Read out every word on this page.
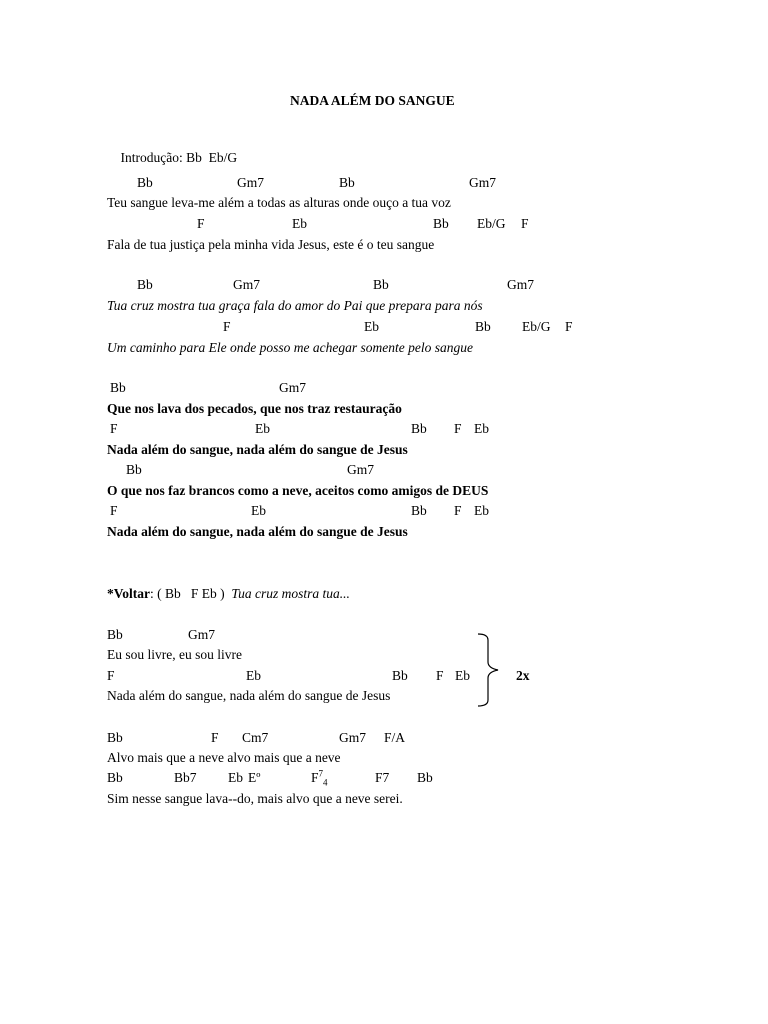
NADA ALÉM DO SANGUE

Introdução: Bb  Eb/G

Bb	Gm7	Bb	Gm7
Teu sangue leva-me além a todas as alturas onde ouço a tua voz
F	Eb	Bb Eb/G F
Fala de tua justiça pela minha vida Jesus, este é o teu sangue
Bb	Gm7	Bb	Gm7
Tua cruz mostra tua graça fala do amor do Pai que prepara para nós
F	Eb	Bb Eb/G F
Um caminho para Ele onde posso me achegar somente pelo sangue
Bb	Gm7
Que nos lava dos pecados, que nos traz restauração
F	Eb	Bb F Eb
Nada além do sangue, nada além do sangue de Jesus
Bb	Gm7
O que nos faz brancos como a neve, aceitos como amigos de DEUS
F	Eb	Bb F Eb
Nada além do sangue, nada além do sangue de Jesus
*Voltar: ( Bb   F Eb ) Tua cruz mostra tua...
Bb	Gm7
Eu sou livre, eu sou livre
F	Eb	Bb F Eb
Nada além do sangue, nada além do sangue de Jesus
2x
Bb	F Cm7	Gm7 F/A
Alvo mais que a neve alvo mais que a neve
Bb	Bb7 Eb Eº	$F^7_4$	F7 Bb
Sim nesse sangue lava--do, mais alvo que a neve serei.
